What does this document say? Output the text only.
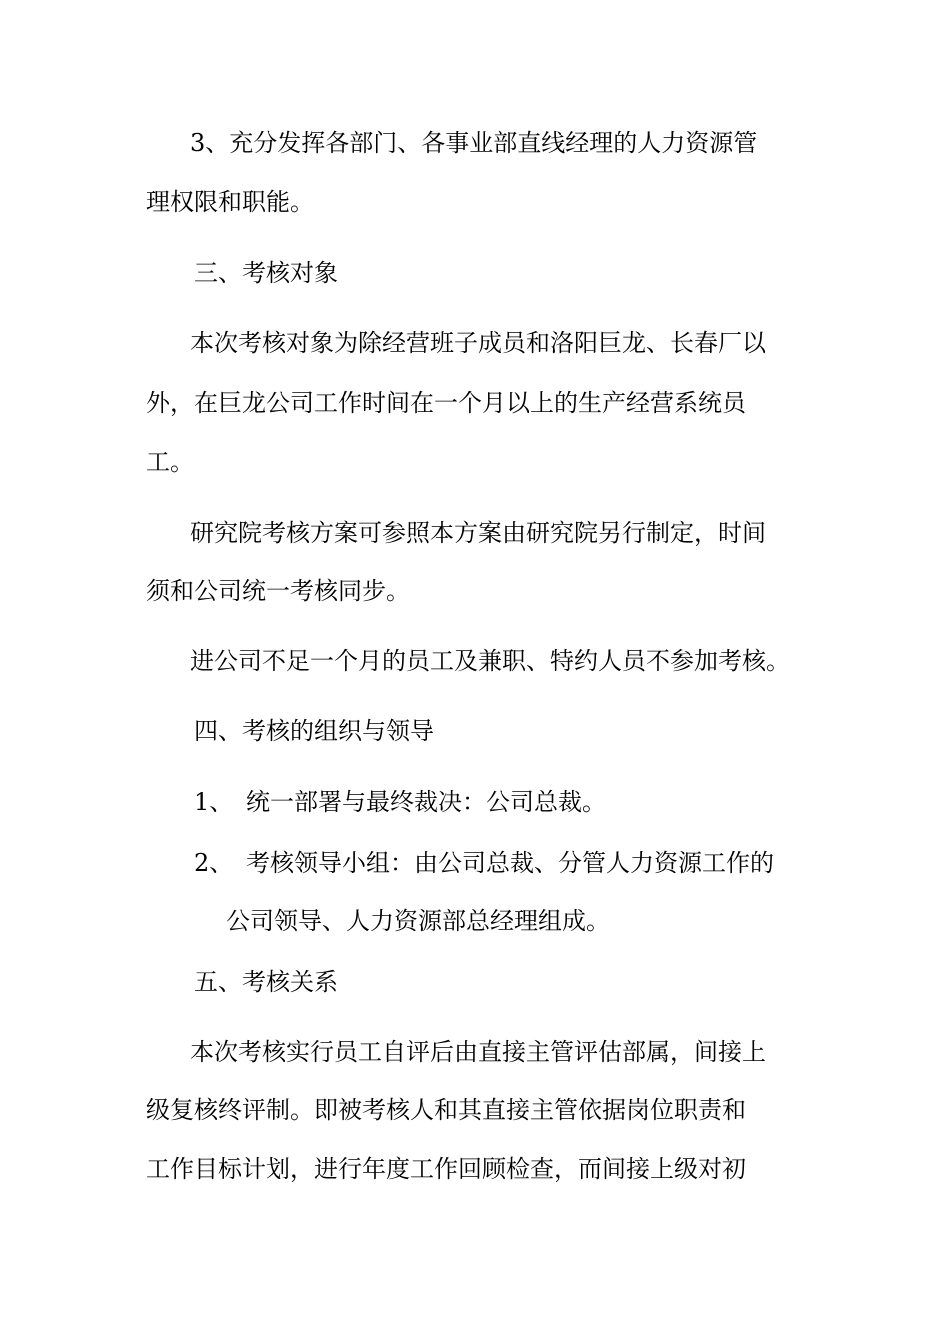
3、充分发挥各部门、各事业部直线经理的人力资源管
理权限和职能。
三、考核对象
本次考核对象为除经营班子成员和洛阳巨龙、长春厂以
外，在巨龙公司工作时间在一个月以上的生产经营系统员
工。
研究院考核方案可参照本方案由研究院另行制定，时间
须和公司统一考核同步。
进公司不足一个月的员工及兼职、特约人员不参加考核。
四、考核的组织与领导
1、 统一部署与最终裁决：公司总裁。
2、 考核领导小组：由公司总裁、分管人力资源工作的
公司领导、人力资源部总经理组成。
五、考核关系
本次考核实行员工自评后由直接主管评估部属，间接上
级复核终评制。即被考核人和其直接主管依据岗位职责和
工作目标计划，进行年度工作回顾检查，而间接上级对初
